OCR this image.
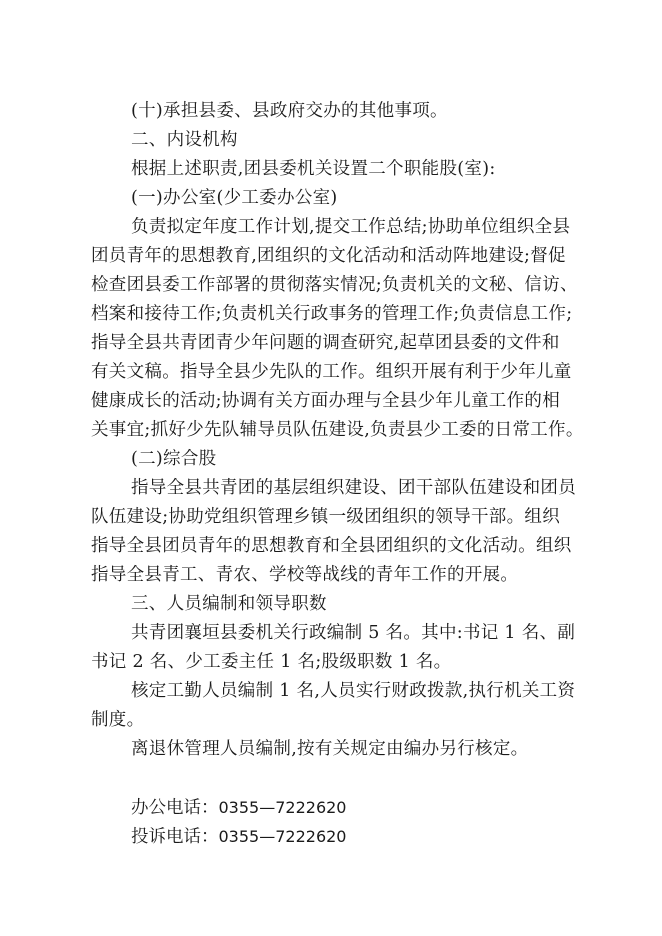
(十)承担县委、县政府交办的其他事项。
二、内设机构
根据上述职责,团县委机关设置二个职能股(室):
(一)办公室(少工委办公室)
负责拟定年度工作计划,提交工作总结;协助单位组织全县
团员青年的思想教育,团组织的文化活动和活动阵地建设;督促
检查团县委工作部署的贯彻落实情况;负责机关的文秘、信访、
档案和接待工作;负责机关行政事务的管理工作;负责信息工作;
指导全县共青团青少年问题的调查研究,起草团县委的文件和
有关文稿。指导全县少先队的工作。组织开展有利于少年儿童
健康成长的活动;协调有关方面办理与全县少年儿童工作的相
关事宜;抓好少先队辅导员队伍建设,负责县少工委的日常工作。
(二)综合股
指导全县共青团的基层组织建设、团干部队伍建设和团员
队伍建设;协助党组织管理乡镇一级团组织的领导干部。组织
指导全县团员青年的思想教育和全县团组织的文化活动。组织
指导全县青工、青农、学校等战线的青年工作的开展。
三、人员编制和领导职数
共青团襄垣县委机关行政编制 5 名。其中:书记 1 名、副
书记 2 名、少工委主任 1 名;股级职数 1 名。
核定工勤人员编制 1 名,人员实行财政拨款,执行机关工资
制度。
离退休管理人员编制,按有关规定由编办另行核定。
办公电话：0355—7222620
投诉电话：0355—7222620
